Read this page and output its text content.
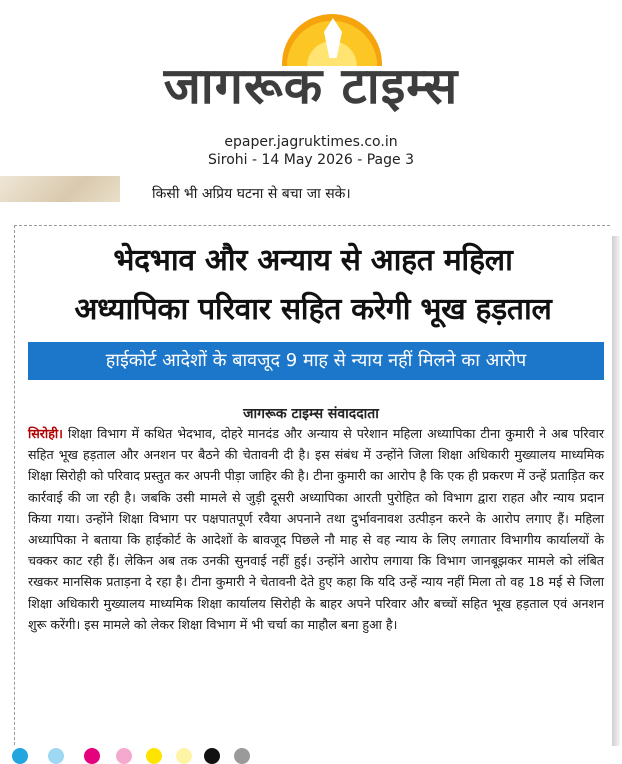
जागरूक टाइम्स
epaper.jagruktimes.co.in
Sirohi - 14 May 2026 - Page 3
किसी भी अप्रिय घटना से बचा जा सके।
भेदभाव और अन्याय से आहत महिला
अध्यापिका परिवार सहित करेगी भूख हड़ताल
हाईकोर्ट आदेशों के बावजूद 9 माह से न्याय नहीं मिलने का आरोप
जागरूक टाइम्स संवाददाता
सिरोही। शिक्षा विभाग में कथित भेदभाव, दोहरे मानदंड और अन्याय से परेशान महिला अध्यापिका टीना कुमारी ने अब परिवार सहित भूख हड़ताल और अनशन पर बैठने की चेतावनी दी है। इस संबंध में उन्होंने जिला शिक्षा अधिकारी मुख्यालय माध्यमिक शिक्षा सिरोही को परिवाद प्रस्तुत कर अपनी पीड़ा जाहिर की है। टीना कुमारी का आरोप है कि एक ही प्रकरण में उन्हें प्रताड़ित कर कार्रवाई की जा रही है। जबकि उसी मामले से जुड़ी दूसरी अध्यापिका आरती पुरोहित को विभाग द्वारा राहत और न्याय प्रदान किया गया। उन्होंने शिक्षा विभाग पर पक्षपातपूर्ण रवैया अपनाने तथा दुर्भावनावश उत्पीड़न करने के आरोप लगाए हैं। महिला अध्यापिका ने बताया कि हाईकोर्ट के आदेशों के बावजूद पिछले नौ माह से वह न्याय के लिए लगातार विभागीय कार्यालयों के चक्कर काट रही हैं। लेकिन अब तक उनकी सुनवाई नहीं हुई। उन्होंने आरोप लगाया कि विभाग जानबूझकर मामले को लंबित रखकर मानसिक प्रताड़ना दे रहा है। टीना कुमारी ने चेतावनी देते हुए कहा कि यदि उन्हें न्याय नहीं मिला तो वह 18 मई से जिला शिक्षा अधिकारी मुख्यालय माध्यमिक शिक्षा कार्यालय सिरोही के बाहर अपने परिवार और बच्चों सहित भूख हड़ताल एवं अनशन शुरू करेंगी। इस मामले को लेकर शिक्षा विभाग में भी चर्चा का माहौल बना हुआ है।
